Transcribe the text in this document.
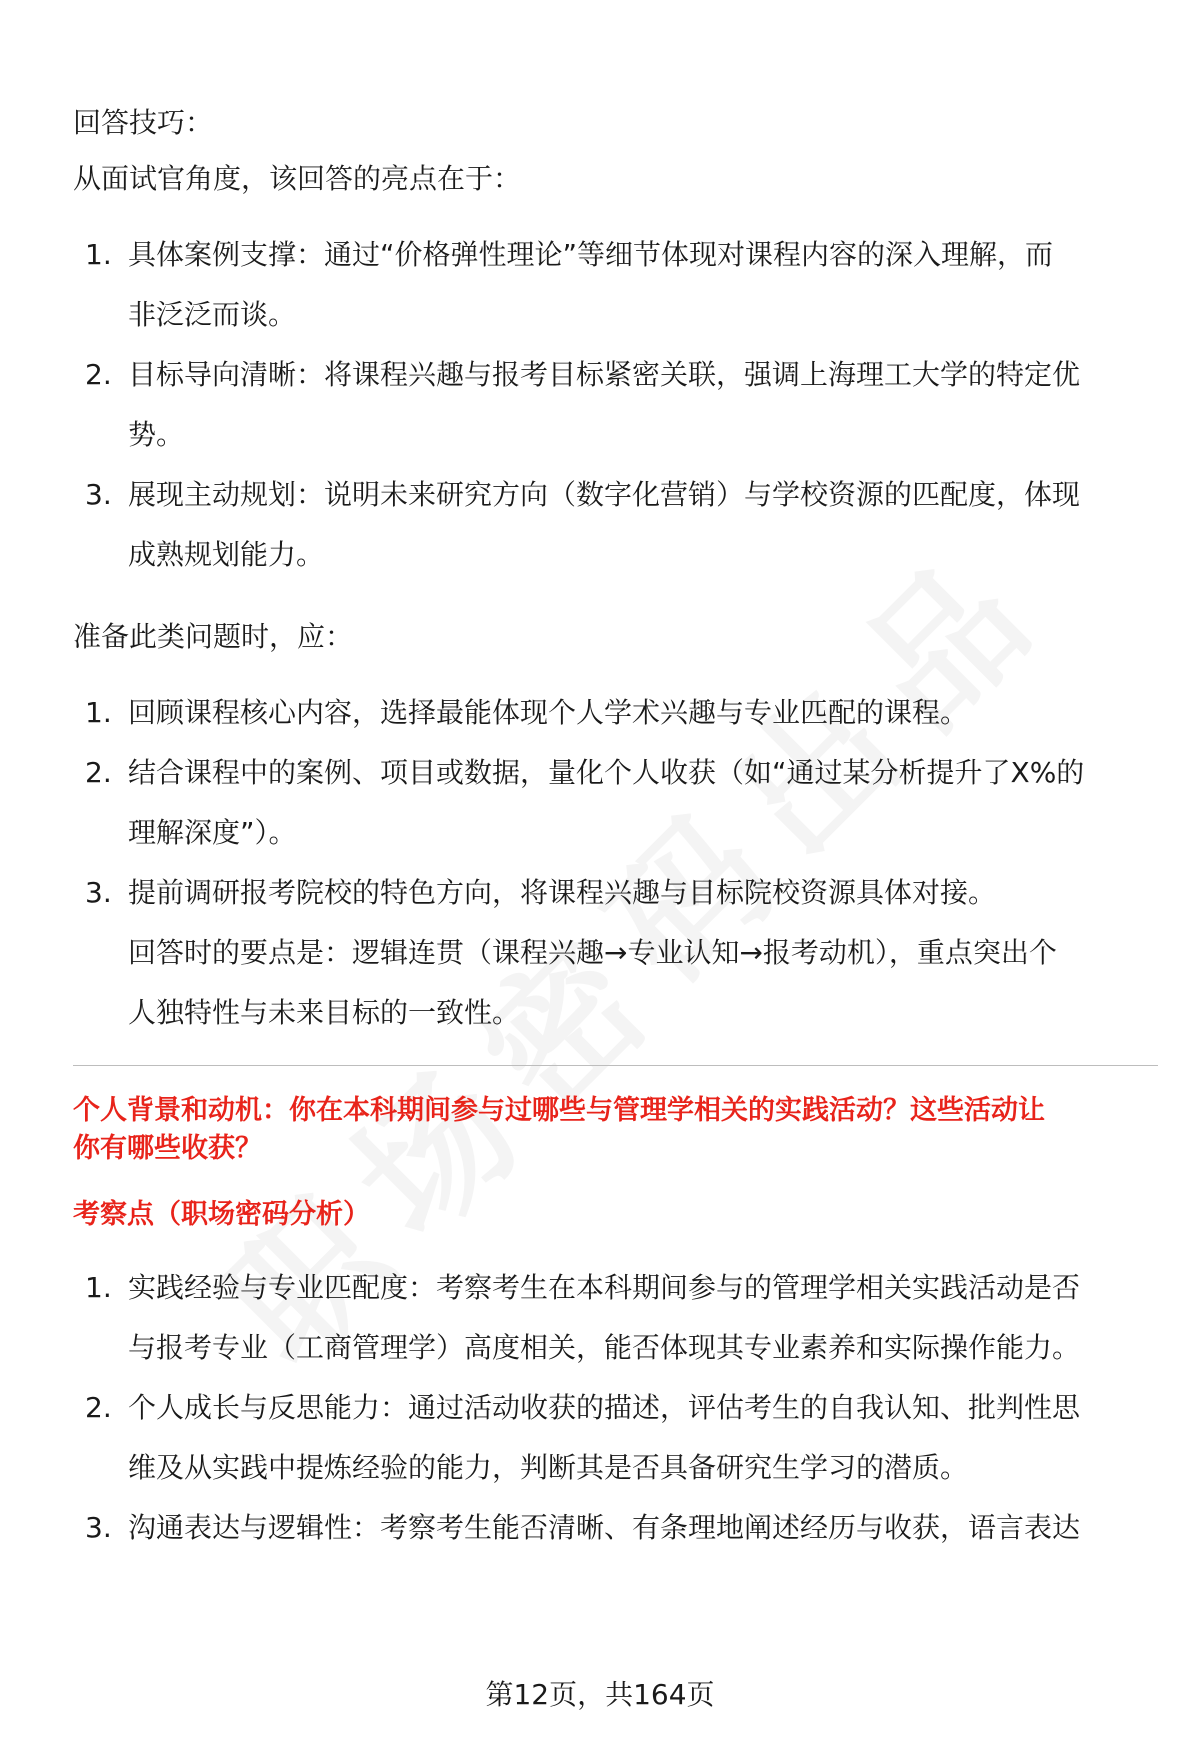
回答技巧：

从面试官角度，该回答的亮点在于：

1. 具体案例支撑：通过“价格弹性理论”等细节体现对课程内容的深入理解，而
非泛泛而谈。
2. 目标导向清晰：将课程兴趣与报考目标紧密关联，强调上海理工大学的特定优
势。
3. 展现主动规划：说明未来研究方向（数字化营销）与学校资源的匹配度，体现
成熟规划能力。

准备此类问题时，应：

1. 回顾课程核心内容，选择最能体现个人学术兴趣与专业匹配的课程。
2. 结合课程中的案例、项目或数据，量化个人收获（如“通过某分析提升了X%的
理解深度”）。
3. 提前调研报考院校的特色方向，将课程兴趣与目标院校资源具体对接。
回答时的要点是：逻辑连贯（课程兴趣→专业认知→报考动机），重点突出个
人独特性与未来目标的一致性。

个人背景和动机：你在本科期间参与过哪些与管理学相关的实践活动？这些活动让

你有哪些收获？

考察点（职场密码分析）

1. 实践经验与专业匹配度：考察考生在本科期间参与的管理学相关实践活动是否
与报考专业（工商管理学）高度相关，能否体现其专业素养和实际操作能力。
2. 个人成长与反思能力：通过活动收获的描述，评估考生的自我认知、批判性思
维及从实践中提炼经验的能力，判断其是否具备研究生学习的潜质。
3. 沟通表达与逻辑性：考察考生能否清晰、有条理地阐述经历与收获，语言表达
第12页，共164页
